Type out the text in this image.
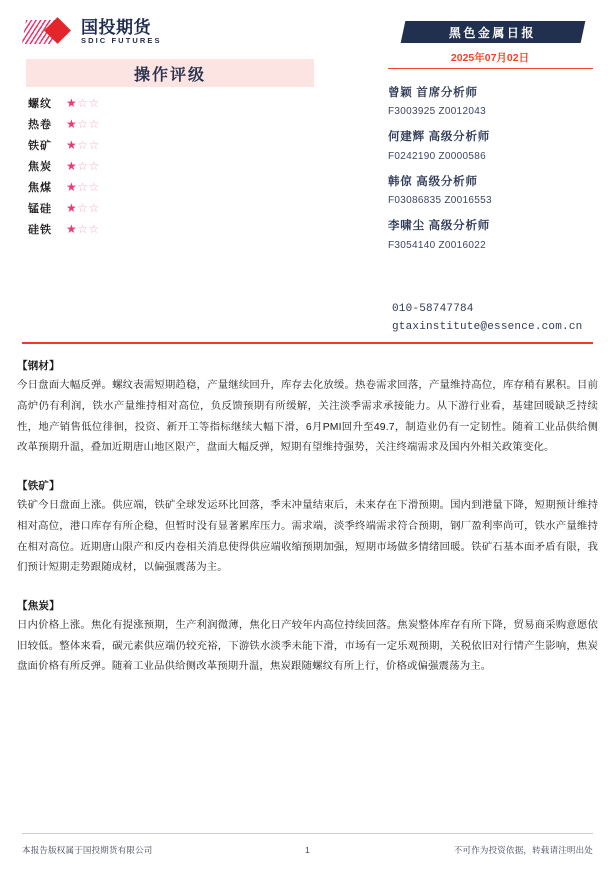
国投期货
SDIC FUTURES
操作评级
螺纹	★☆☆
热卷	★☆☆
铁矿	★☆☆
焦炭	★☆☆
焦煤	★☆☆
锰硅	★☆☆
硅铁	★☆☆
黑色金属日报
2025年07月02日
曾颖 首席分析师
F3003925 Z0012043
何建辉 高级分析师
F0242190 Z0000586
韩倞 高级分析师
F03086835 Z0016553
李啸尘 高级分析师
F3054140 Z0016022
010-58747784
gtaxinstitute@essence.com.cn
【钢材】
今日盘面大幅反弹。螺纹表需短期趋稳，产量继续回升，库存去化放缓。热卷需求回落，产量维持高位，库存稍有累积。目前高炉仍有利润，铁水产量维持相对高位，负反馈预期有所缓解，关注淡季需求承接能力。从下游行业看，基建回暖缺乏持续性，地产销售低位徘徊，投资、新开工等指标继续大幅下滑，6月PMI回升至49.7，制造业仍有一定韧性。随着工业品供给侧改革预期升温，叠加近期唐山地区限产，盘面大幅反弹，短期有望维持强势，关注终端需求及国内外相关政策变化。
【铁矿】
铁矿今日盘面上涨。供应端，铁矿全球发运环比回落，季末冲量结束后，未来存在下滑预期。国内到港量下降，短期预计维持相对高位，港口库存有所企稳，但暂时没有显著累库压力。需求端，淡季终端需求符合预期，钢厂盈利率尚可，铁水产量维持在相对高位。近期唐山限产和反内卷相关消息使得供应端收缩预期加强，短期市场做多情绪回暖。铁矿石基本面矛盾有限，我们预计短期走势跟随成材，以偏强震荡为主。
【焦炭】
日内价格上涨。焦化有提涨预期，生产利润微薄，焦化日产较年内高位持续回落。焦炭整体库存有所下降，贸易商采购意愿依旧较低。整体来看，碳元素供应端仍较充裕，下游铁水淡季未能下滑，市场有一定乐观预期，关税依旧对行情产生影响，焦炭盘面价格有所反弹。随着工业品供给侧改革预期升温，焦炭跟随螺纹有所上行，价格或偏强震荡为主。
本报告版权属于国投期货有限公司	1	不可作为投资依据，转载请注明出处
